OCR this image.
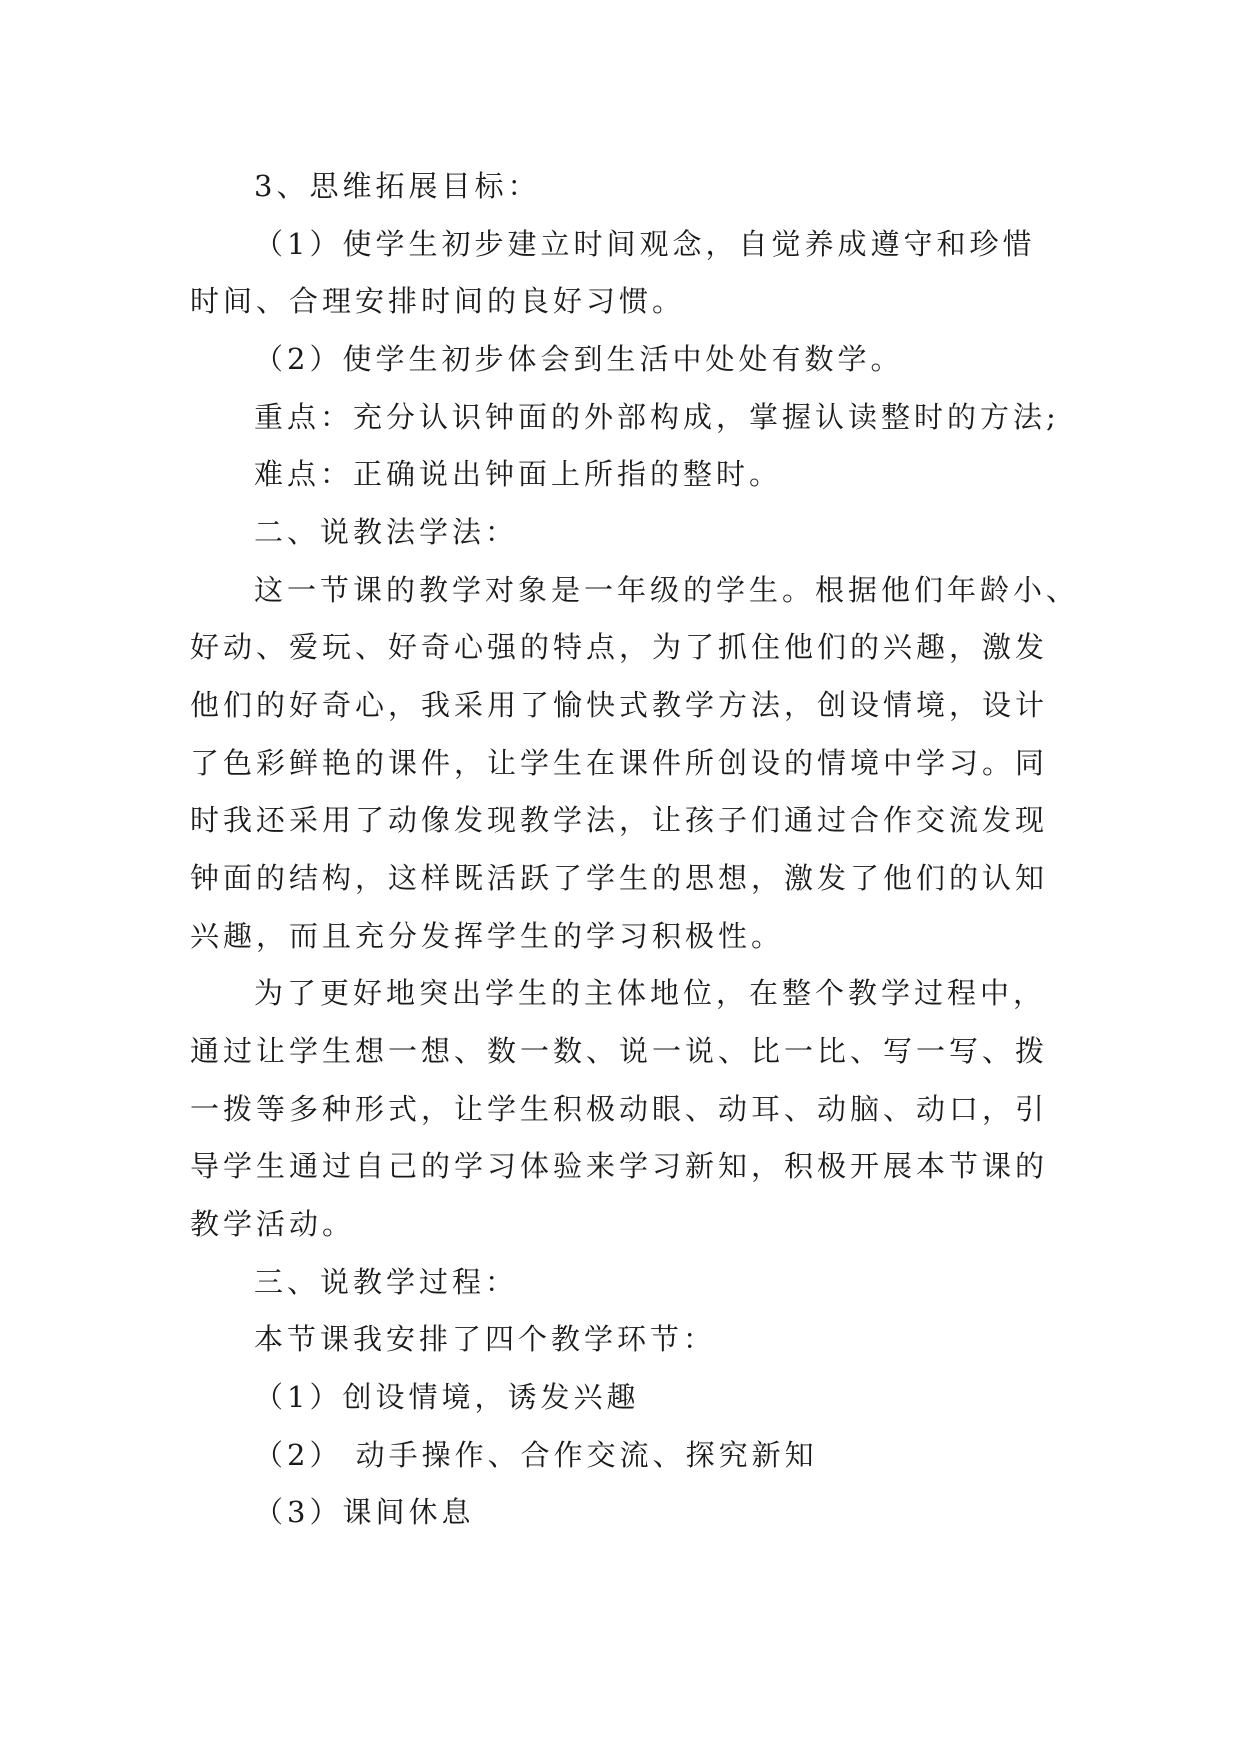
3、思维拓展目标：
（1）使学生初步建立时间观念，自觉养成遵守和珍惜
时间、合理安排时间的良好习惯。
（2）使学生初步体会到生活中处处有数学。
重点：充分认识钟面的外部构成，掌握认读整时的方法;
难点：正确说出钟面上所指的整时。
二、说教法学法：
这一节课的教学对象是一年级的学生。根据他们年龄小、
好动、爱玩、好奇心强的特点，为了抓住他们的兴趣，激发
他们的好奇心，我采用了愉快式教学方法，创设情境，设计
了色彩鲜艳的课件，让学生在课件所创设的情境中学习。同
时我还采用了动像发现教学法，让孩子们通过合作交流发现
钟面的结构，这样既活跃了学生的思想，激发了他们的认知
兴趣，而且充分发挥学生的学习积极性。
为了更好地突出学生的主体地位，在整个教学过程中，
通过让学生想一想、数一数、说一说、比一比、写一写、拨
一拨等多种形式，让学生积极动眼、动耳、动脑、动口，引
导学生通过自己的学习体验来学习新知，积极开展本节课的
教学活动。
三、说教学过程：
本节课我安排了四个教学环节：
（1）创设情境，诱发兴趣
（2） 动手操作、合作交流、探究新知
（3）课间休息
